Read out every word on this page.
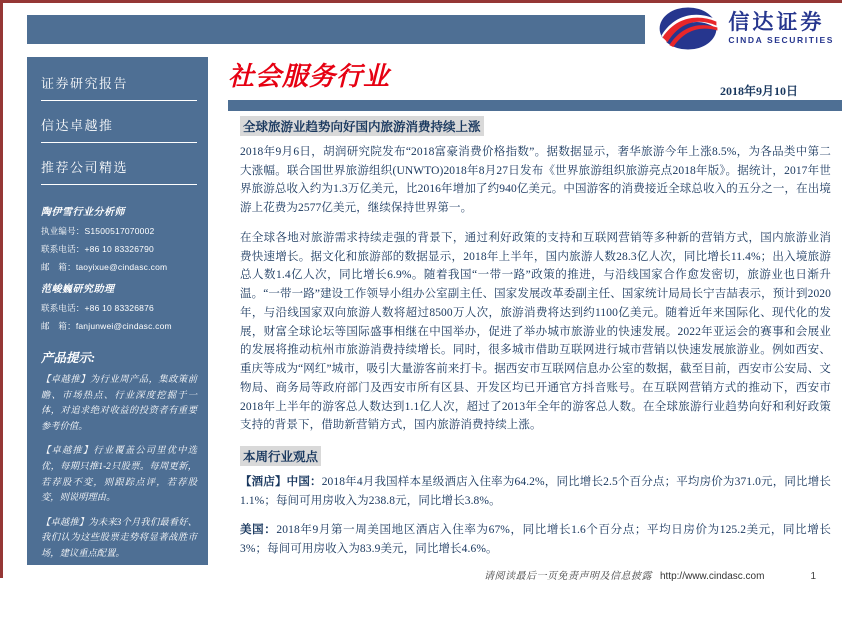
信达证券
CINDA SECURITIES
证券研究报告
信达卓越推
推荐公司精选
陶伊雪行业分析师
执业编号：S1500517070002
联系电话：+86 10 83326790
邮　箱：taoyixue@cindasc.com
范峻巍研究助理
联系电话：+86 10 83326876
邮　箱：fanjunwei@cindasc.com
产品提示:
【卓越推】为行业周产品，集政策前瞻、市场热点、行业深度挖掘于一体，对追求绝对收益的投资者有重要参考价值。
【卓越推】行业覆盖公司里优中选优，每期只推1-2只股票。每周更新，若荐股不变，则跟踪点评，若荐股变，则说明理由。
【卓越推】为未来3个月我们最看好、我们认为这些股票走势将显著战胜市场，建议重点配置。
信达证券股份有限公司
CINDA SECURITIES CO.,LTD
北京市西城区闹市口大街9号院1号楼
邮编：100031
社会服务行业	2018年9月10日
全球旅游业趋势向好国内旅游消费持续上涨

2018年9月6日，胡润研究院发布“2018富豪消费价格指数”。据数据显示，奢华旅游今年上涨8.5%，为各品类中第二大涨幅。联合国世界旅游组织(UNWTO)2018年8月27日发布《世界旅游组织旅游亮点2018年版》。据统计，2017年世界旅游总收入约为1.3万亿美元，比2016年增加了约940亿美元。中国游客的消费接近全球总收入的五分之一，在出境游上花费为2577亿美元，继续保持世界第一。

在全球各地对旅游需求持续走强的背景下，通过利好政策的支持和互联网营销等多种新的营销方式，国内旅游业消费快速增长。据文化和旅游部的数据显示，2018年上半年，国内旅游人数28.3亿人次，同比增长11.4%；出入境旅游总人数1.4亿人次，同比增长6.9%。随着我国“一带一路”政策的推进，与沿线国家合作愈发密切，旅游业也日渐升温。“一带一路”建设工作领导小组办公室副主任、国家发展改革委副主任、国家统计局局长宁吉喆表示，预计到2020年，与沿线国家双向旅游人数将超过8500万人次，旅游消费将达到约1100亿美元。随着近年来国际化、现代化的发展，财富全球论坛等国际盛事相继在中国举办，促进了举办城市旅游业的快速发展。2022年亚运会的赛事和会展业的发展将推动杭州市旅游消费持续增长。同时，很多城市借助互联网进行城市营销以快速发展旅游业。例如西安、重庆等成为“网红”城市，吸引大量游客前来打卡。据西安市互联网信息办公室的数据，截至目前，西安市公安局、文物局、商务局等政府部门及西安市所有区县、开发区均已开通官方抖音账号。在互联网营销方式的推动下，西安市2018年上半年的游客总人数达到1.1亿人次，超过了2013年全年的游客总人数。在全球旅游行业趋势向好和利好政策支持的背景下，借助新营销方式，国内旅游消费持续上涨。

本周行业观点

【酒店】中国：2018年4月我国样本星级酒店入住率为64.2%，同比增长2.5个百分点；平均房价为371.0元，同比增长1.1%；每间可用房收入为238.8元，同比增长3.8%。

美国：2018年9月第一周美国地区酒店入住率为67%，同比增长1.6个百分点；平均日房价为125.2美元，同比增长3%；每间可用房收入为83.9美元，同比增长4.6%。

请阅读最后一页免责声明及信息披露 http://www.cindasc.com	1
